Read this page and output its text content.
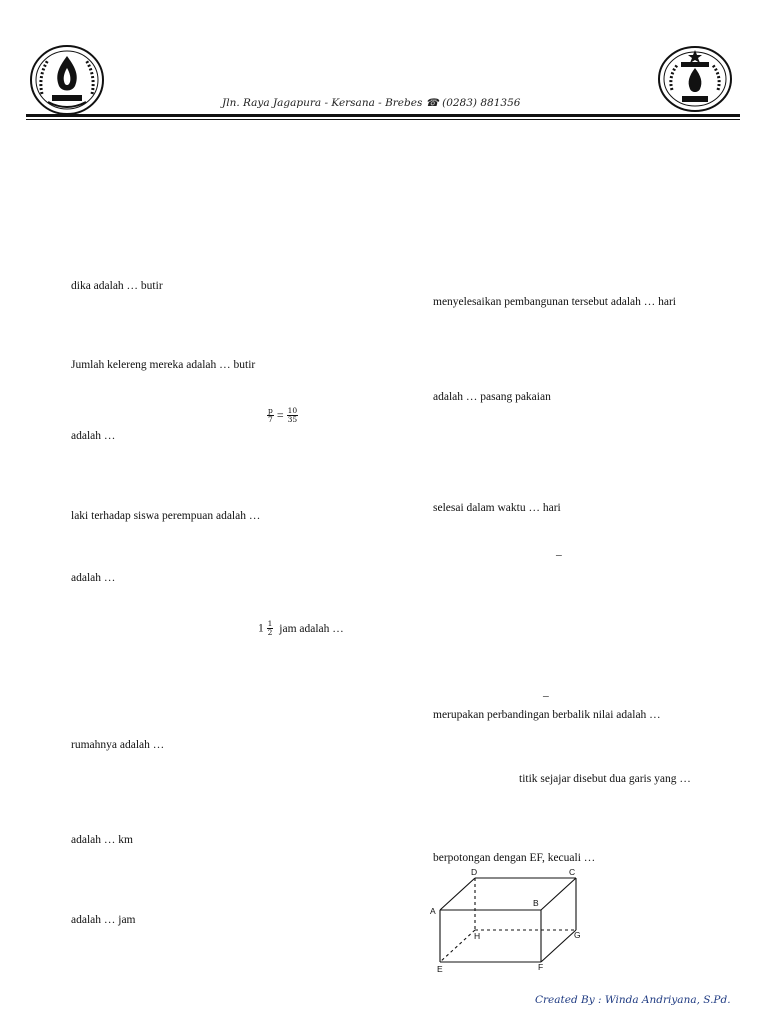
Jln. Raya Jagapura - Kersana - Brebes ☎ (0283) 881356
dika adalah … butir
Jumlah kelereng mereka adalah … butir
$\frac{p}{7} = \frac{10}{35}$
adalah …
laki terhadap siswa perempuan adalah …
adalah …
$1 \frac{1}{2}$ jam adalah …
rumahnya adalah …
adalah … km
adalah … jam
menyelesaikan pembangunan tersebut adalah … hari
adalah … pasang pakaian
selesai dalam waktu … hari
–
–
merupakan perbandingan berbalik nilai adalah …
titik sejajar disebut dua garis yang …
berpotongan dengan EF, kecuali …
A
B
C
D
E	F
G
H
Created By : Winda Andriyana, S.Pd.
